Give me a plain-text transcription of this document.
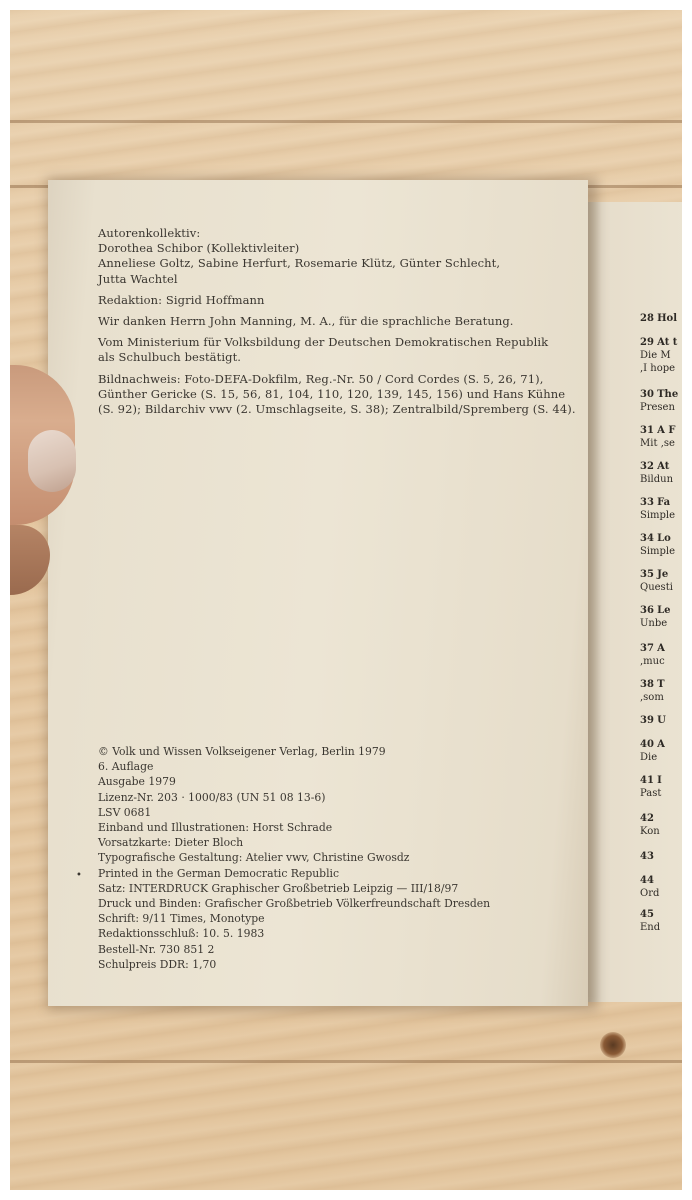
28 Hol
29 At t
Die M
,I hope
30 The
Presen
31 A F
Mit ‚se
32 At
Bildun
33 Fa
Simple
34 Lo
Simple
35 Je
Questi
36 Le
Unbe
37 A
,muc
38 T
,som
39 U
40 A
Die
41 I
Past
42
Kon
43
44
Ord
45
End

Autorenkollektiv:

Dorothea Schibor (Kollektivleiter)

Anneliese Goltz, Sabine Herfurt, Rosemarie Klütz, Günter Schlecht,

Jutta Wachtel

Redaktion: Sigrid Hoffmann

Wir danken Herrn John Manning, M. A., für die sprachliche Beratung.

Vom Ministerium für Volksbildung der Deutschen Demokratischen Republik

als Schulbuch bestätigt.

Bildnachweis: Foto-DEFA-Dokfilm, Reg.-Nr. 50 / Cord Cordes (S. 5, 26, 71),

Günther Gericke (S. 15, 56, 81, 104, 110, 120, 139, 145, 156) und Hans Kühne

(S. 92); Bildarchiv vwv (2. Umschlagseite, S. 38); Zentralbild/Spremberg (S. 44).

•

© Volk und Wissen Volkseigener Verlag, Berlin 1979

6. Auflage

Ausgabe 1979

Lizenz-Nr. 203 · 1000/83 (UN 51 08 13-6)

LSV 0681

Einband und Illustrationen: Horst Schrade

Vorsatzkarte: Dieter Bloch

Typografische Gestaltung: Atelier vwv, Christine Gwosdz

Printed in the German Democratic Republic

Satz: INTERDRUCK Graphischer Großbetrieb Leipzig — III/18/97

Druck und Binden: Grafischer Großbetrieb Völkerfreundschaft Dresden

Schrift: 9/11 Times, Monotype

Redaktionsschluß: 10. 5. 1983

Bestell-Nr. 730 851 2

Schulpreis DDR: 1,70
